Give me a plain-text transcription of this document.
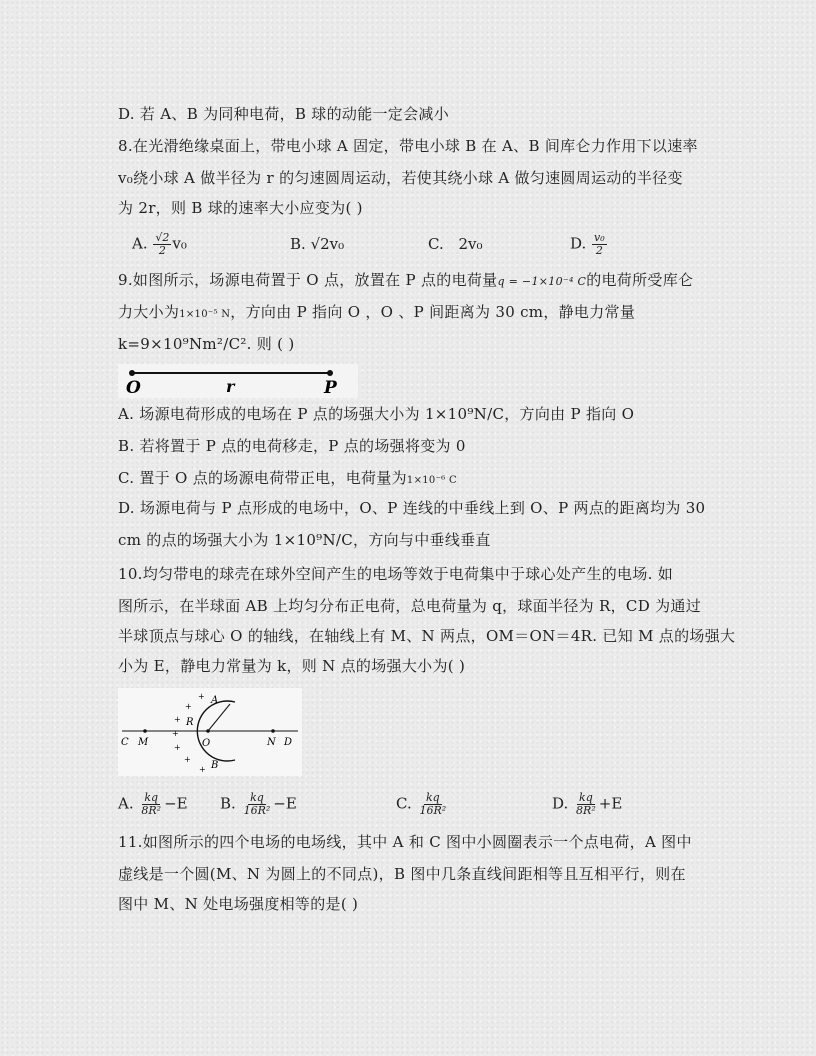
D. 若 A、B 为同种电荷，B 球的动能一定会减小
8.在光滑绝缘桌面上，带电小球 A 固定，带电小球 B 在 A、B 间库仑力作用下以速率
v₀绕小球 A 做半径为 r 的匀速圆周运动，若使其绕小球 A 做匀速圆周运动的半径变
为 2r，则 B 球的速率大小应变为( )
A. $\frac{√2}{2} v_0$	B. √2v₀	C. 2v₀	D. $\frac{\text{v₀}}{2}$
9.如图所示，场源电荷置于 O 点，放置在 P 点的电荷量q = −1×10⁻⁴ C的电荷所受库仑
力大小为1×10⁻⁵ N，方向由 P 指向 O ，O 、P 间距离为 30 cm，静电力常量
k=9×10⁹Nm²/C². 则 ( )
O	r	P
A. 场源电荷形成的电场在 P 点的场强大小为 1×10⁹N/C，方向由 P 指向 O
B. 若将置于 P 点的电荷移走，P 点的场强将变为 0
C. 置于 O 点的场源电荷带正电，电荷量为1×10⁻⁶ C
D. 场源电荷与 P 点形成的电场中，O、P 连线的中垂线上到 O、P 两点的距离均为 30
cm 的点的场强大小为 1×10⁹N/C，方向与中垂线垂直
10.均匀带电的球壳在球外空间产生的电场等效于电荷集中于球心处产生的电场. 如
图所示，在半球面 AB 上均匀分布正电荷，总电荷量为 q，球面半径为 R，CD 为通过
半球顶点与球心 O 的轴线，在轴线上有 M、N 两点，OM＝ON＝4R. 已知 M 点的场强大
小为 E，静电力常量为 k，则 N 点的场强大小为( )
A
B
R
O
C M	N D
+
+
+
+
+
+
+
A. $\frac{kq}{\text{8R²}} -E$ B. $\frac{kq}{\text{16R²}} -E$	C. $\frac{kq}{\text{16R²}}$	D. $\frac{kq}{\text{8R²}} +E$
11.如图所示的四个电场的电场线，其中 A 和 C 图中小圆圈表示一个点电荷，A 图中
虚线是一个圆(M、N 为圆上的不同点)，B 图中几条直线间距相等且互相平行，则在
图中 M、N 处电场强度相等的是( )
